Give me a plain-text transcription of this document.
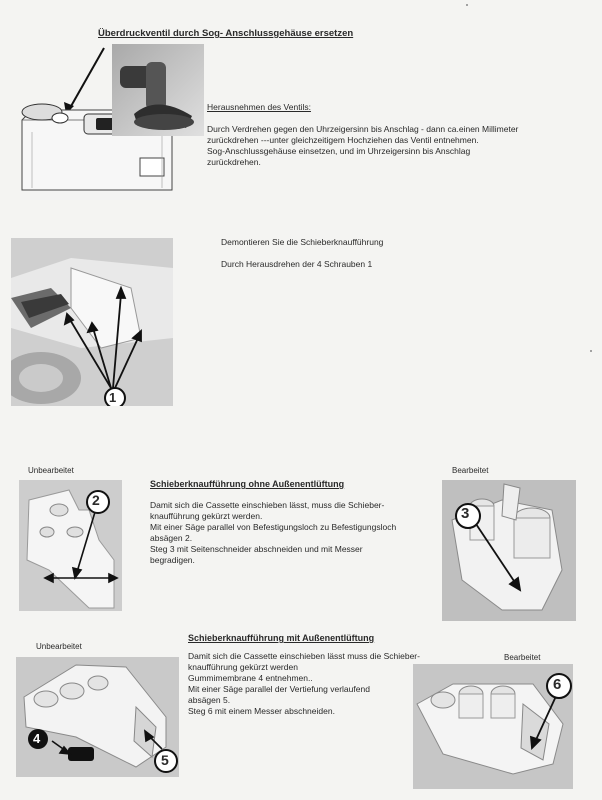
Überdruckventil durch Sog- Anschlussgehäuse ersetzen
Herausnehmen des Ventils:
Durch Verdrehen gegen den Uhrzeigersinn bis Anschlag - dann ca.einen Millimeter
zurückdrehen ---unter gleichzeitigem Hochziehen das Ventil entnehmen.
Sog-Anschlussgehäuse einsetzen, und im Uhrzeigersinn bis Anschlag
zurückdrehen.
1
Demontieren Sie die Schieberknaufführung
Durch Herausdrehen der 4 Schrauben 1
Unbearbeitet	Bearbeitet
Schieberknaufführung ohne Außenentlüftung
2	Damit sich die Cassette einschieben lässt, muss die Schieber-
knaufführung gekürzt werden.
Mit einer Säge parallel von Befestigungsloch zu Befestigungsloch
absägen 2.
Steg 3 mit Seitenschneider abschneiden und mit Messer
begradigen.
3
Unbearbeitet
Bearbeitet
Schieberknaufführung mit Außenentlüftung
4
5
Damit sich die Cassette einschieben lässt muss die Schieber-
knaufführung gekürzt werden
Gummimembrane 4 entnehmen..
Mit einer Säge parallel der Vertiefung verlaufend
absägen 5.
Steg 6 mit einem Messer abschneiden.
6
